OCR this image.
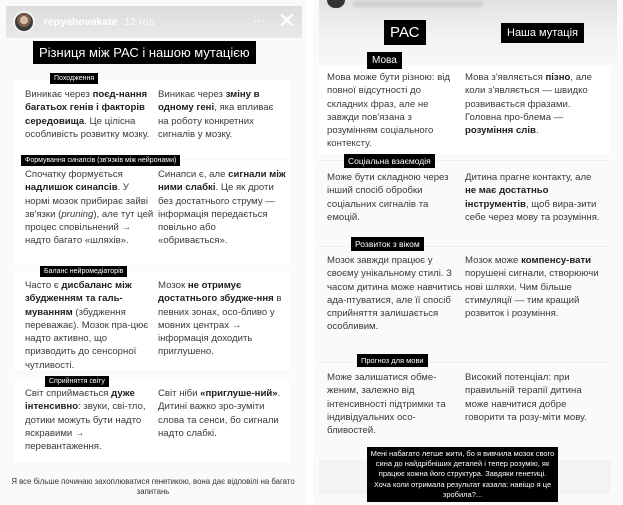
repyahovakate 12 год	⋯ ✕
Різниця між РАС і нашою мутацією
Походження
Виникає через поєд-нання багатьох генів і факторів середовища. Це цілісна особливість розвитку мозку.
Виникає через зміну в одному гені, яка впливає на роботу конкретних сигналів у мозку.
Формування синапсів (зв'язків між нейронами)
Спочатку формується надлишок синапсів. У нормі мозок прибирає зайві зв'язки (pruning), але тут цей процес сповільнений → надто багато «шляхів».
Синапси є, але сигнали між ними слабкі. Це як дроти без достатнього струму — інформація передається повільно або «обривається».
Баланс нейромедіаторів
Часто є дисбаланс між збудженням та галь-муванням (збудження переважає). Мозок пра-цює надто активно, що призводить до сенсорної чутливості.
Мозок не отримує достатнього збудже-ння в певних зонах, осо-бливо у мовних центрах → інформація доходить приглушено.
Сприйняття світу
Світ сприймається дуже інтенсивно: звуки, сві-тло, дотики можуть бути надто яскравими → перевантаження.
Світ ніби «приглуше-ний». Дитині важко зро-зуміти слова та сенси, бо сигнали надто слабкі.
Я все більше починаю захоплюватися генетикою, вона дає відповілі на багато запитань
РАС	Наша мутація
Мова
Мова може бути різною: від повної відсутності до складних фраз, але не завжди пов'язана з розумінням соціального контексту.
Мова з'являється пізно, але коли з'являється — швидко розвивається фразами. Головна про-блема — розуміння слів.
Соціальна взаємодія
Може бути складною через інший спосіб обробки соціальних сигналів та емоцій.
Дитина прагне контакту, але не має достатньо інструментів, щоб вира-зити себе через мову та розуміння.
Розвиток з віком
Мозок завжди працює у своєму унікальному стилі. З часом дитина може навчитись ада-птуватися, але її спосіб сприйняття залишається особливим.
Мозок може компенсу-вати порушені сигнали, створюючи нові шляхи. Чим більше стимуляції — тим кращий розвиток і розуміння.
Прогноз для мови
Може залишатися обме-женим, залежно від інтенсивності підтримки та індивідуальних осо-бливостей.
Високий потенціал: при правильній терапії дитина може навчитися добре говорити та розу-міти мову.
Мені набагато легше жити, бо я вивчила мозок свого сина до найдрібніших деталей і тепер розумію, як працює кожна його структура. Завдяки генетиці. Хоча коли отримала результат казала: навіщо я це зробила?...
